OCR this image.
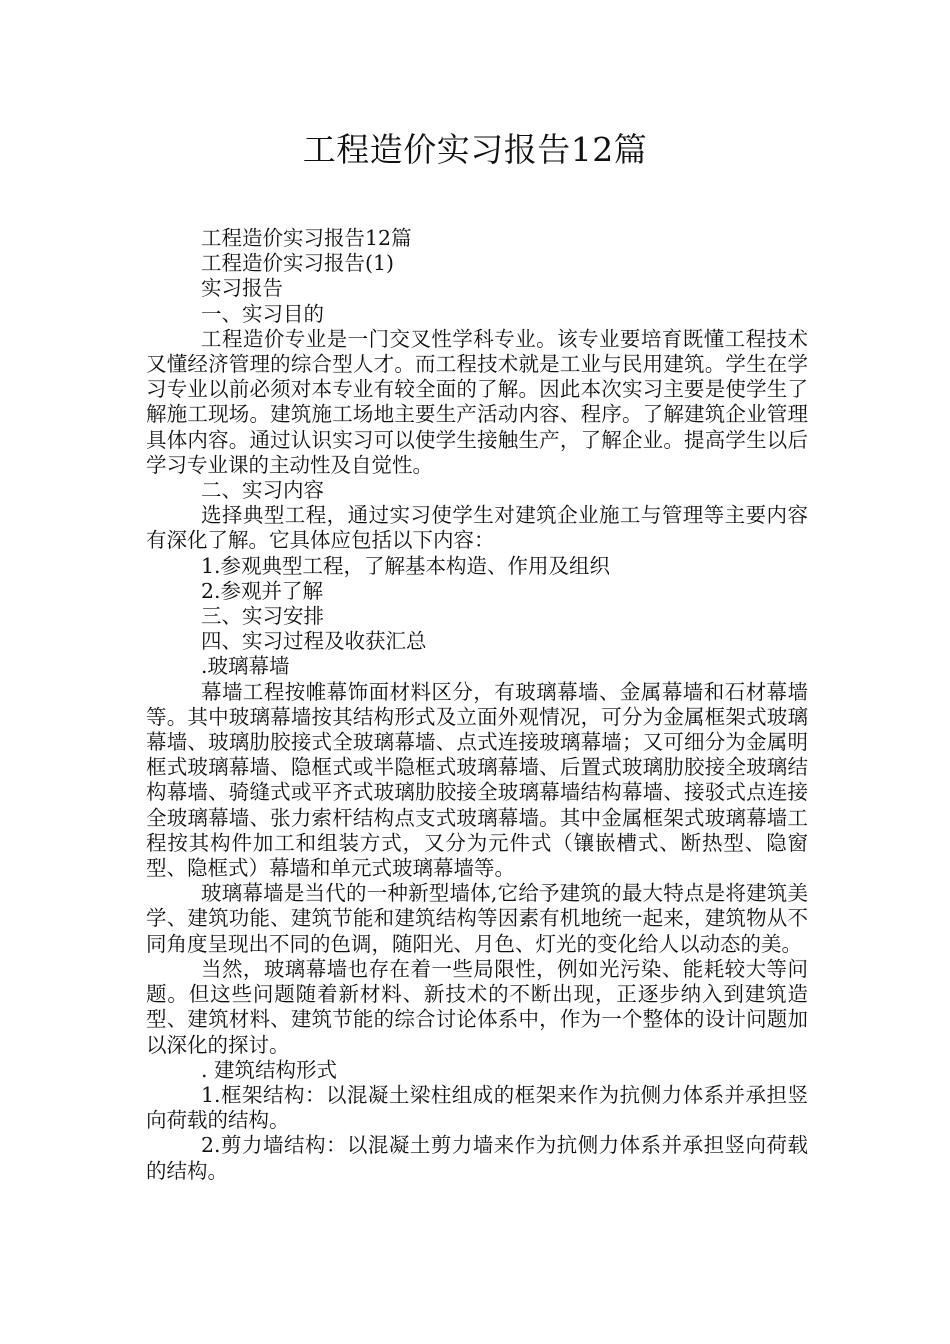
工程造价实习报告12篇

工程造价实习报告12篇

工程造价实习报告(1)

实习报告

一、实习目的

工程造价专业是一门交叉性学科专业。该专业要培育既懂工程技术又懂经济管理的综合型人才。而工程技术就是工业与民用建筑。学生在学习专业以前必须对本专业有较全面的了解。因此本次实习主要是使学生了解施工现场。建筑施工场地主要生产活动内容、程序。了解建筑企业管理具体内容。通过认识实习可以使学生接触生产，了解企业。提高学生以后学习专业课的主动性及自觉性。

二、实习内容

选择典型工程，通过实习使学生对建筑企业施工与管理等主要内容有深化了解。它具体应包括以下内容：

1.参观典型工程，了解基本构造、作用及组织

2.参观并了解

三、实习安排

四、实习过程及收获汇总

.玻璃幕墙

幕墙工程按帷幕饰面材料区分，有玻璃幕墙、金属幕墙和石材幕墙等。其中玻璃幕墙按其结构形式及立面外观情况，可分为金属框架式玻璃幕墙、玻璃肋胶接式全玻璃幕墙、点式连接玻璃幕墙；又可细分为金属明框式玻璃幕墙、隐框式或半隐框式玻璃幕墙、后置式玻璃肋胶接全玻璃结构幕墙、骑缝式或平齐式玻璃肋胶接全玻璃幕墙结构幕墙、接驳式点连接全玻璃幕墙、张力索杆结构点支式玻璃幕墙。其中金属框架式玻璃幕墙工程按其构件加工和组装方式，又分为元件式（镶嵌槽式、断热型、隐窗型、隐框式）幕墙和单元式玻璃幕墙等。

玻璃幕墙是当代的一种新型墙体,它给予建筑的最大特点是将建筑美学、建筑功能、建筑节能和建筑结构等因素有机地统一起来，建筑物从不同角度呈现出不同的色调，随阳光、月色、灯光的变化给人以动态的美。

当然，玻璃幕墙也存在着一些局限性，例如光污染、能耗较大等问题。但这些问题随着新材料、新技术的不断出现，正逐步纳入到建筑造型、建筑材料、建筑节能的综合讨论体系中，作为一个整体的设计问题加以深化的探讨。

. 建筑结构形式

1.框架结构：以混凝土梁柱组成的框架来作为抗侧力体系并承担竖向荷载的结构。

2.剪力墙结构：以混凝土剪力墙来作为抗侧力体系并承担竖向荷载的结构。
